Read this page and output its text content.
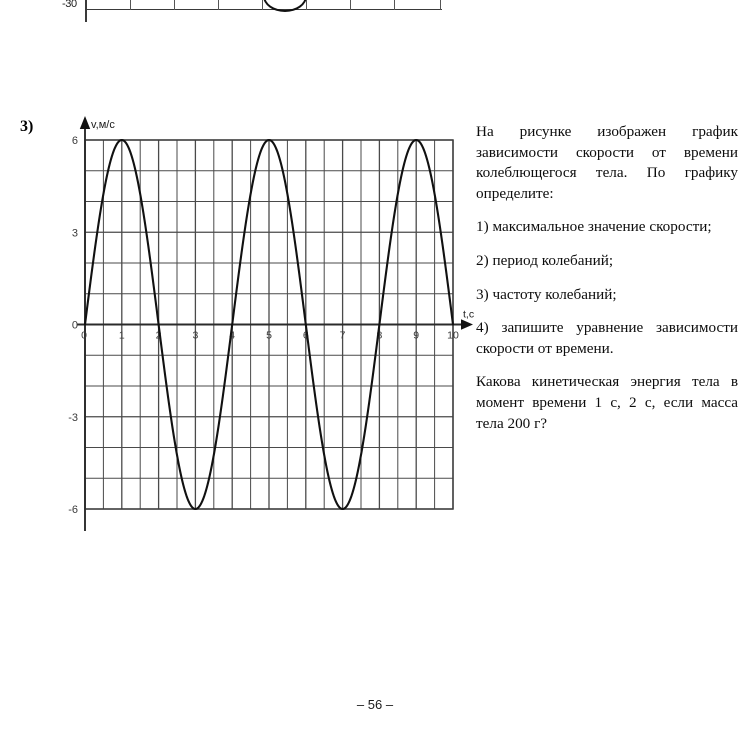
-30
3)
0	1	2	3	4	5	6	7	8	9	10
-6
-3
0
3
6
v,м/с
t,c

На рисунке изображен график зависимости скорости от времени колеблющегося тела. По графику определите:

1) максимальное значение скорости;

2) период колебаний;

3) частоту колебаний;

4) запишите уравнение зависимости скорости от времени.

Какова кинетическая энергия тела в момент времени 1 с, 2 с, если масса тела 200 г?

– 56 –
